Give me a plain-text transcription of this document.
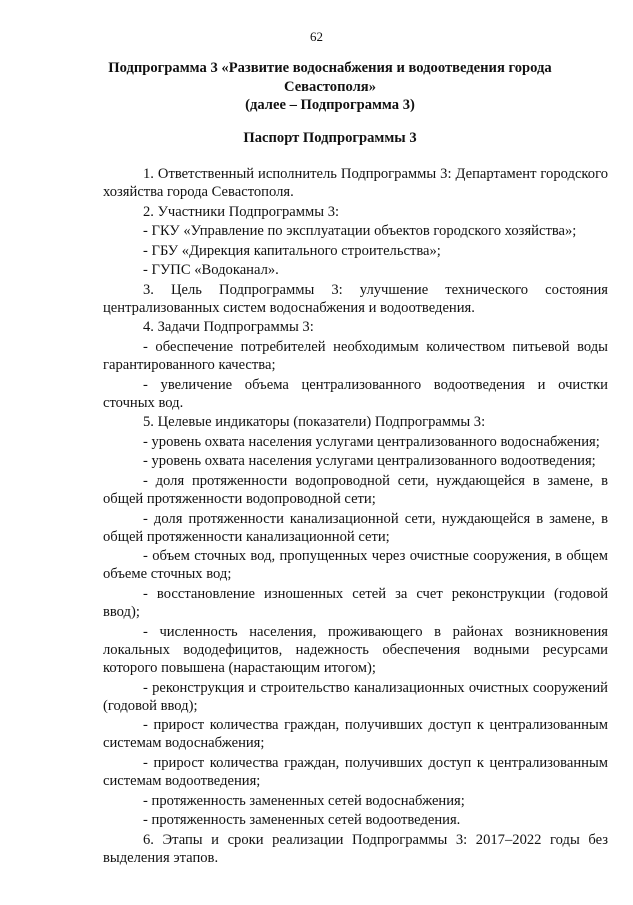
62
Подпрограмма 3 «Развитие водоснабжения и водоотведения города
Севастополя»
(далее – Подпрограмма 3)
Паспорт Подпрограммы 3

1. Ответственный исполнитель Подпрограммы 3: Департамент городского хозяйства города Севастополя.

2. Участники Подпрограммы 3:

- ГКУ «Управление по эксплуатации объектов городского хозяйства»;

- ГБУ «Дирекция капитального строительства»;

- ГУПС «Водоканал».

3. Цель Подпрограммы 3: улучшение технического состояния централизованных систем водоснабжения и водоотведения.

4. Задачи Подпрограммы 3:

- обеспечение потребителей необходимым количеством питьевой воды гарантированного качества;

- увеличение объема централизованного водоотведения и очистки сточных вод.

5. Целевые индикаторы (показатели) Подпрограммы 3:

- уровень охвата населения услугами централизованного водоснабжения;

- уровень охвата населения услугами централизованного водоотведения;

- доля протяженности водопроводной сети, нуждающейся в замене, в общей протяженности водопроводной сети;

- доля протяженности канализационной сети, нуждающейся в замене, в общей протяженности канализационной сети;

- объем сточных вод, пропущенных через очистные сооружения, в общем объеме сточных вод;

- восстановление изношенных сетей за счет реконструкции (годовой ввод);

- численность населения, проживающего в районах возникновения локальных вододефицитов, надежность обеспечения водными ресурсами которого повышена (нарастающим итогом);

- реконструкция и строительство канализационных очистных сооружений (годовой ввод);

- прирост количества граждан, получивших доступ к централизованным системам водоснабжения;

- прирост количества граждан, получивших доступ к централизованным системам водоотведения;

- протяженность замененных сетей водоснабжения;

- протяженность замененных сетей водоотведения.

6. Этапы и сроки реализации Подпрограммы 3: 2017–2022 годы без выделения этапов.
